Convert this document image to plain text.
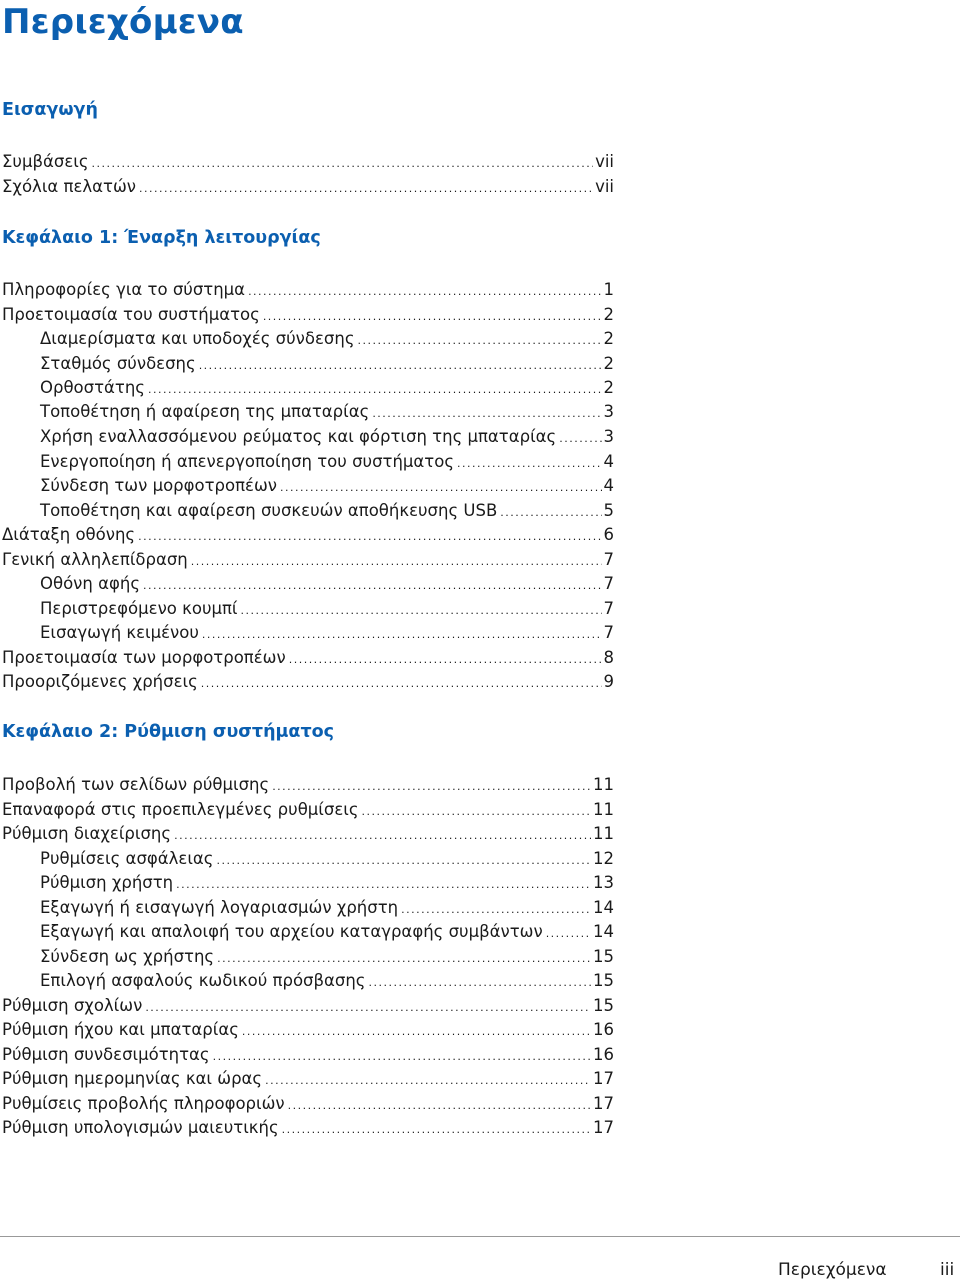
Περιεχόμενα
Εισαγωγή
Συμβάσεις .....	vii
Σχόλια πελατών .....	vii
Κεφάλαιο 1: Έναρξη λειτουργίας
Πληροφορίες για το σύστημα .....	1
Προετοιμασία του συστήματος .....	2
Διαμερίσματα και υποδοχές σύνδεσης .....	2
Σταθμός σύνδεσης .....	2
Ορθοστάτης .....	2
Τοποθέτηση ή αφαίρεση της μπαταρίας .....	3
Χρήση εναλλασσόμενου ρεύματος και φόρτιση της μπαταρίας .....	3
Ενεργοποίηση ή απενεργοποίηση του συστήματος .....	4
Σύνδεση των μορφοτροπέων .....	4
Τοποθέτηση και αφαίρεση συσκευών αποθήκευσης USB .....	5
Διάταξη οθόνης .....	6
Γενική αλληλεπίδραση .....	7
Οθόνη αφής .....	7
Περιστρεφόμενο κουμπί .....	7
Εισαγωγή κειμένου .....	7
Προετοιμασία των μορφοτροπέων .....	8
Προοριζόμενες χρήσεις .....	9
Κεφάλαιο 2: Ρύθμιση συστήματος
Προβολή των σελίδων ρύθμισης .....	11
Επαναφορά στις προεπιλεγμένες ρυθμίσεις .....	11
Ρύθμιση διαχείρισης .....	11
Ρυθμίσεις ασφάλειας .....	12
Ρύθμιση χρήστη .....	13
Εξαγωγή ή εισαγωγή λογαριασμών χρήστη .....	14
Εξαγωγή και απαλοιφή του αρχείου καταγραφής συμβάντων .....	14
Σύνδεση ως χρήστης .....	15
Επιλογή ασφαλούς κωδικού πρόσβασης .....	15
Ρύθμιση σχολίων .....	15
Ρύθμιση ήχου και μπαταρίας .....	16
Ρύθμιση συνδεσιμότητας .....	16
Ρύθμιση ημερομηνίας και ώρας .....	17
Ρυθμίσεις προβολής πληροφοριών .....	17
Ρύθμιση υπολογισμών μαιευτικής .....	17
Περιεχόμενα	iii
